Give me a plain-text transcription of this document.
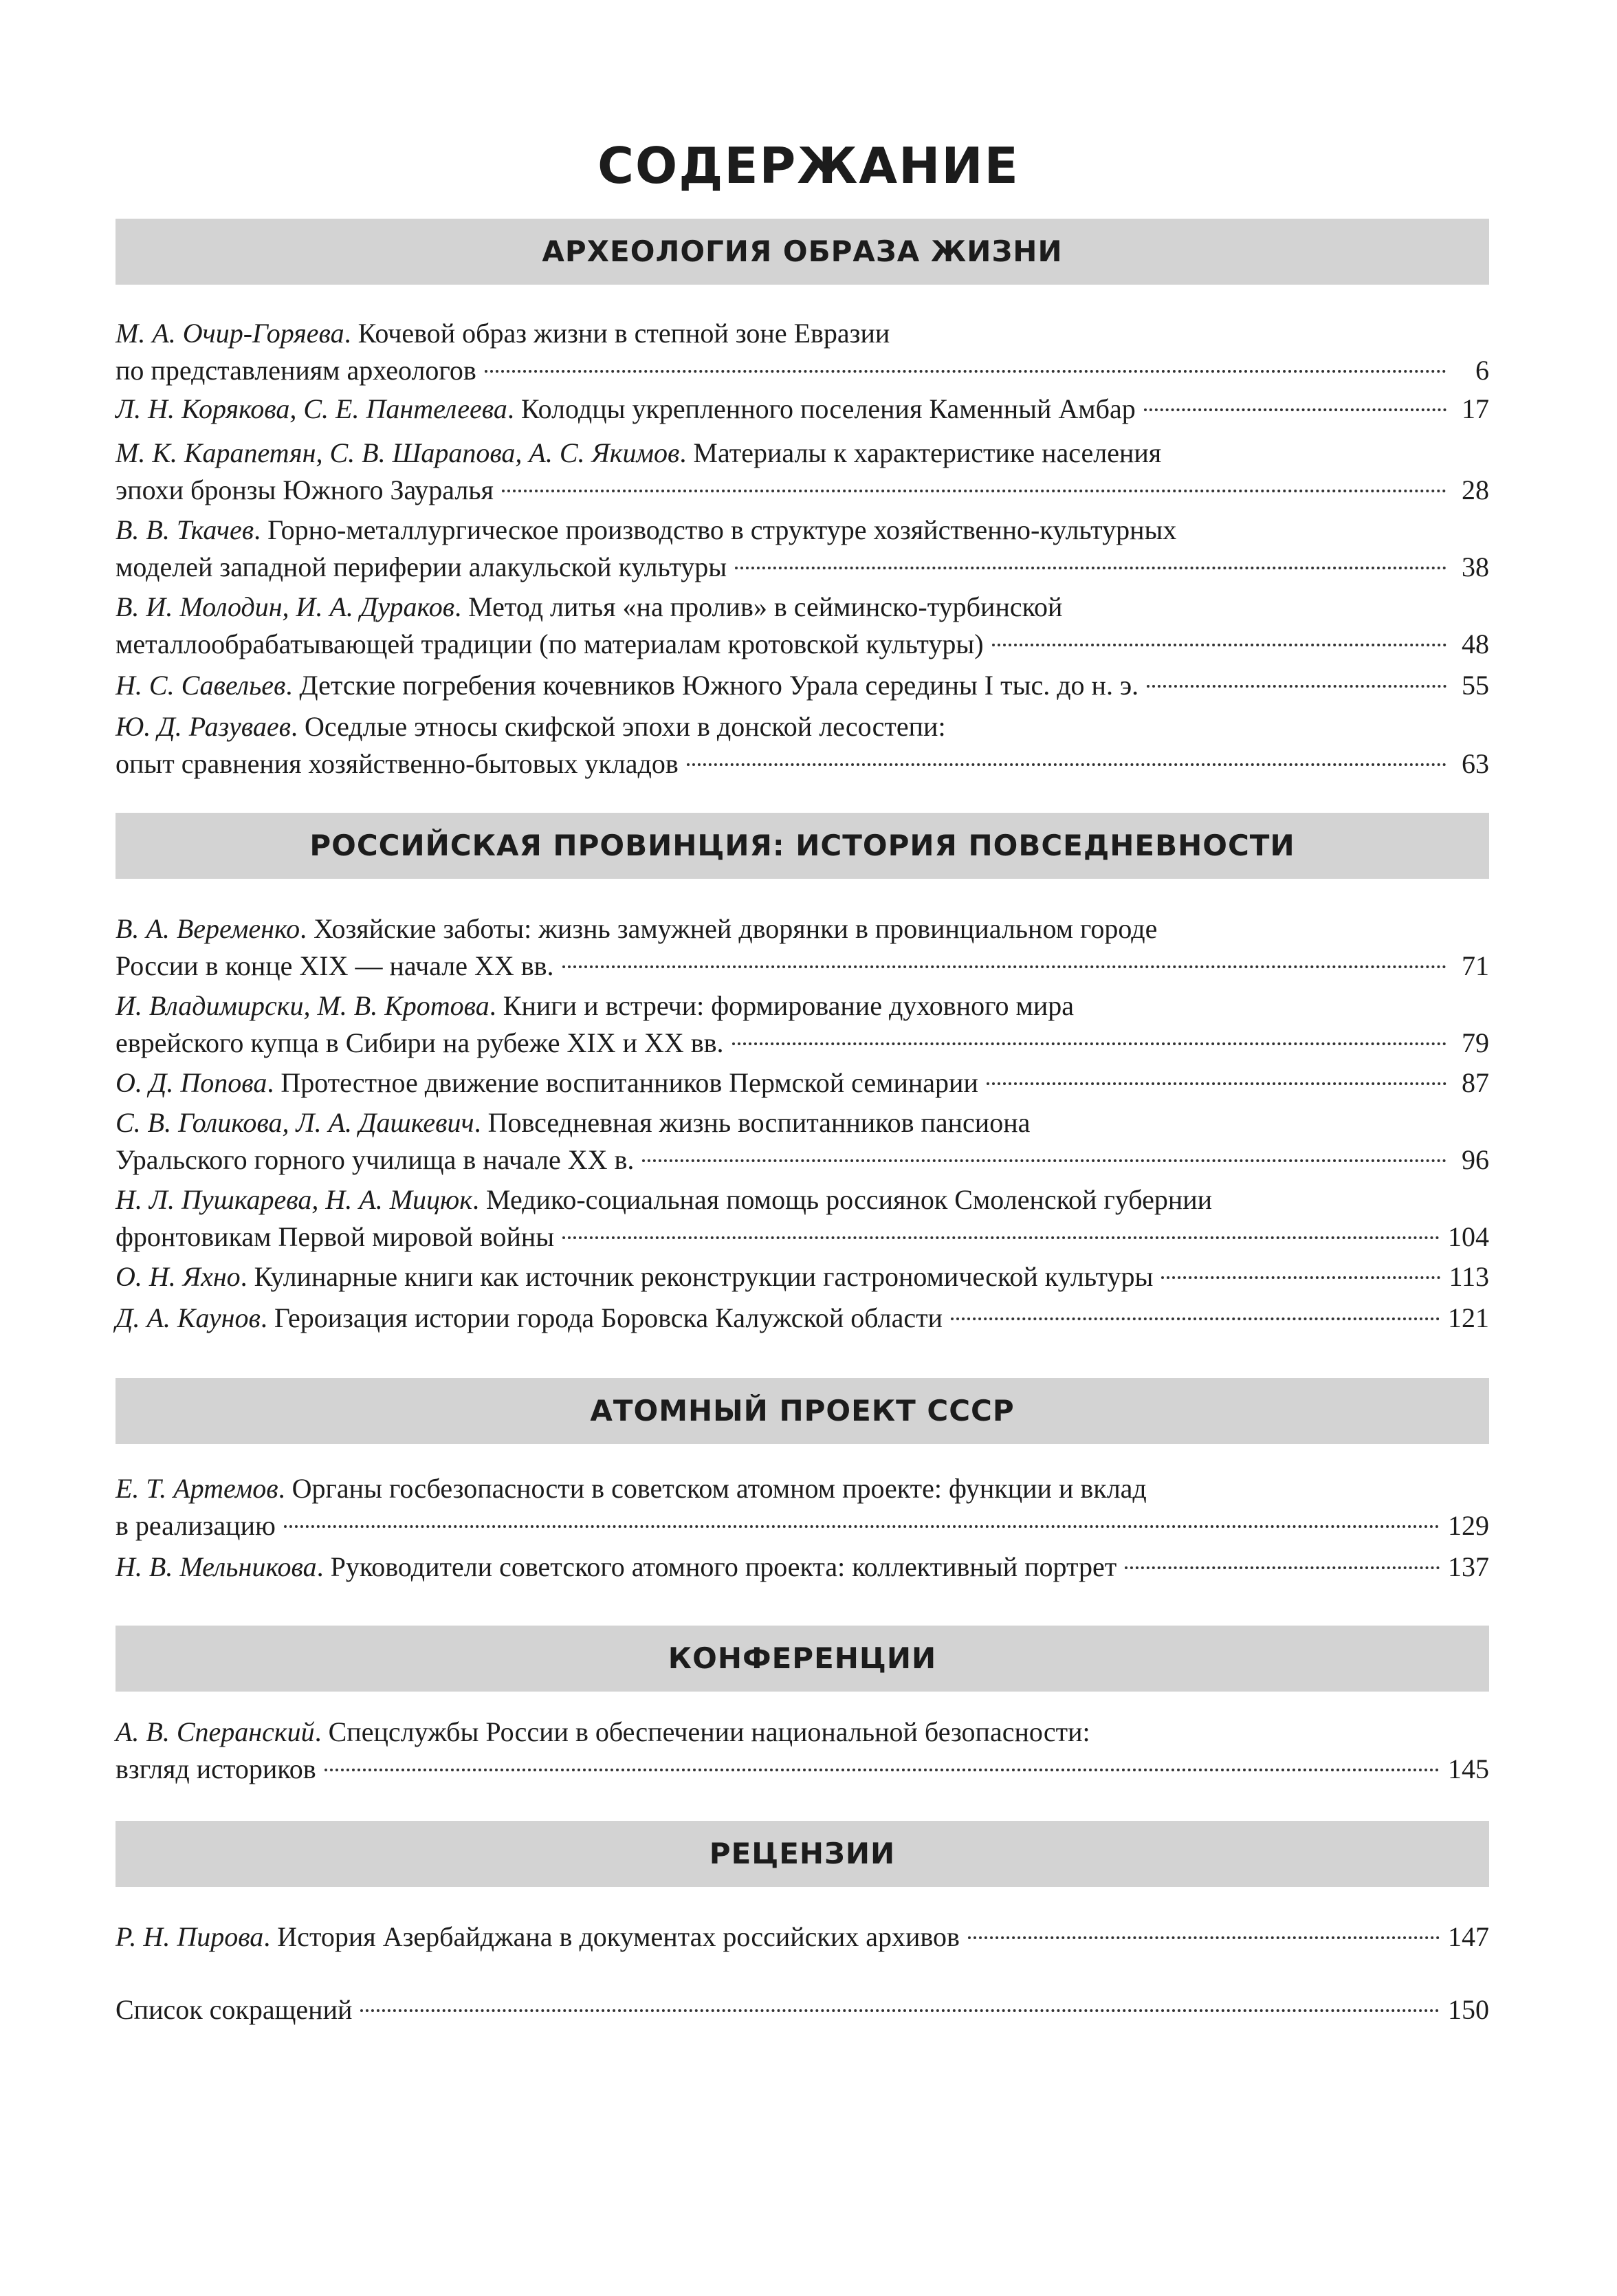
СОДЕРЖАНИЕ
АРХЕОЛОГИЯ ОБРАЗА ЖИЗНИ
М. А. Очир-Горяева. Кочевой образ жизни в степной зоне Евразии
по представлениям археологов	6
Л. Н. Корякова, С. Е. Пантелеева. Колодцы укрепленного поселения Каменный Амбар	17
М. К. Карапетян, С. В. Шарапова, А. С. Якимов. Материалы к характеристике населения
эпохи бронзы Южного Зауралья	28
В. В. Ткачев. Горно-металлургическое производство в структуре хозяйственно-культурных
моделей западной периферии алакульской культуры	38
В. И. Молодин, И. А. Дураков. Метод литья «на пролив» в сейминско-турбинской
металлообрабатывающей традиции (по материалам кротовской культуры)	48
Н. С. Савельев. Детские погребения кочевников Южного Урала середины I тыс. до н. э.	55
Ю. Д. Разуваев. Оседлые этносы скифской эпохи в донской лесостепи:
опыт сравнения хозяйственно-бытовых укладов	63
РОССИЙСКАЯ ПРОВИНЦИЯ: ИСТОРИЯ ПОВСЕДНЕВНОСТИ
В. А. Веременко. Хозяйские заботы: жизнь замужней дворянки в провинциальном городе
России в конце XIX — начале XX вв.	71
И. Владимирски, М. В. Кротова. Книги и встречи: формирование духовного мира
еврейского купца в Сибири на рубеже XIX и XX вв.	79
О. Д. Попова. Протестное движение воспитанников Пермской семинарии	87
С. В. Голикова, Л. А. Дашкевич. Повседневная жизнь воспитанников пансиона
Уральского горного училища в начале XX в.	96
Н. Л. Пушкарева, Н. А. Мицюк. Медико-социальная помощь россиянок Смоленской губернии
фронтовикам Первой мировой войны	104
О. Н. Яхно. Кулинарные книги как источник реконструкции гастрономической культуры	113
Д. А. Каунов. Героизация истории города Боровска Калужской области	121
АТОМНЫЙ ПРОЕКТ СССР
Е. Т. Артемов. Органы госбезопасности в советском атомном проекте: функции и вклад
в реализацию	129
Н. В. Мельникова. Руководители советского атомного проекта: коллективный портрет	137
КОНФЕРЕНЦИИ
А. В. Сперанский. Спецслужбы России в обеспечении национальной безопасности:
взгляд историков	145
РЕЦЕНЗИИ
Р. Н. Пирова. История Азербайджана в документах российских архивов	147
Список сокращений	150
